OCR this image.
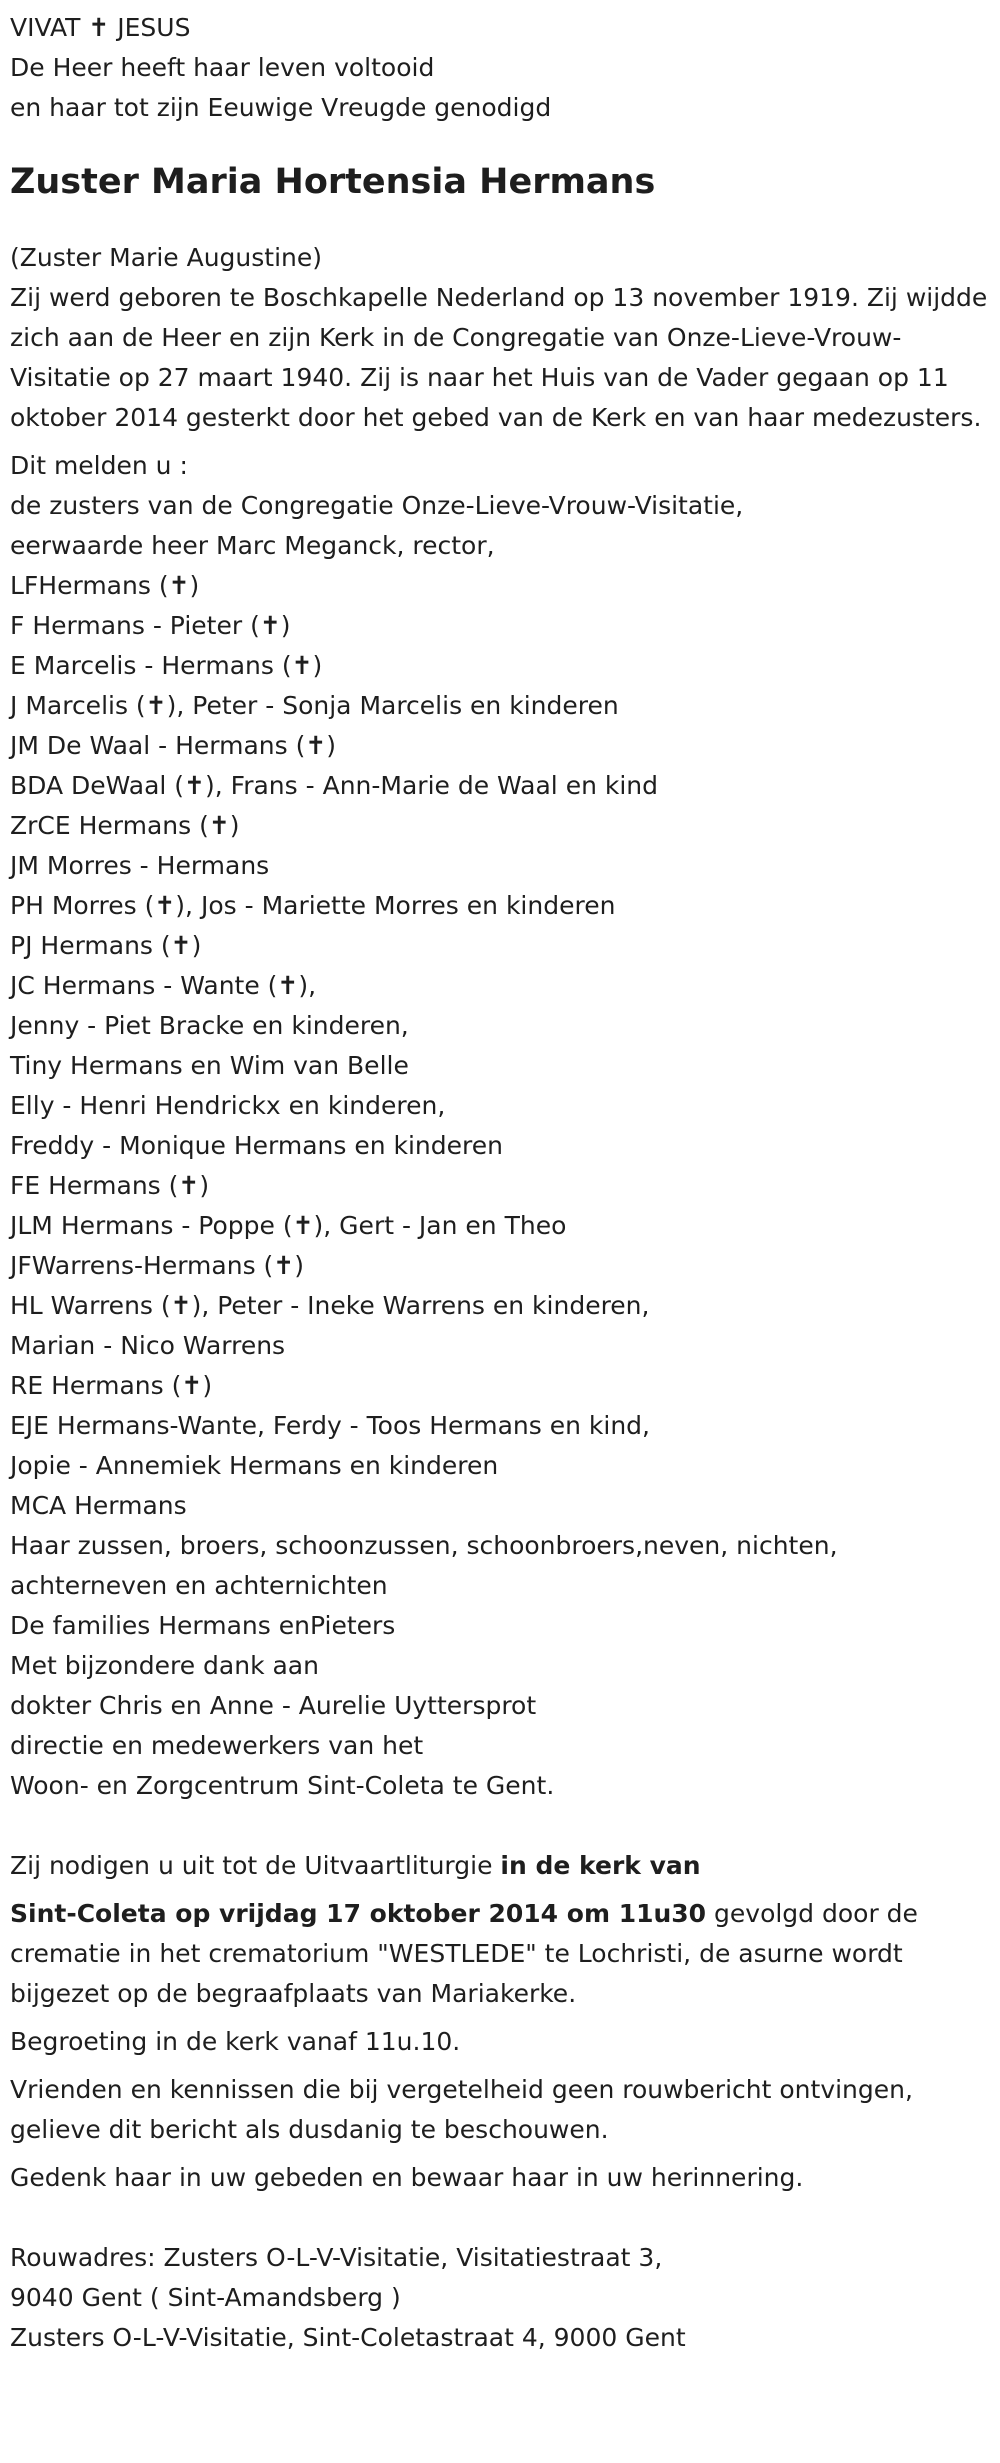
VIVAT ✝ JESUS

De Heer heeft haar leven voltooid

en haar tot zijn Eeuwige Vreugde genodigd

Zuster Maria Hortensia Hermans

(Zuster Marie Augustine)

Zij werd geboren te Boschkapelle Nederland op 13 november 1919. Zij wijdde zich aan de Heer en zijn Kerk in de Congregatie van Onze-Lieve-Vrouw-Visitatie op 27 maart 1940. Zij is naar het Huis van de Vader gegaan op 11 oktober 2014 gesterkt door het gebed van de Kerk en van haar medezusters.

Dit melden u :

de zusters van de Congregatie Onze-Lieve-Vrouw-Visitatie,

eerwaarde heer Marc Meganck, rector,

LFHermans (✝)

F Hermans - Pieter (✝)

E Marcelis - Hermans (✝)

J Marcelis (✝), Peter - Sonja Marcelis en kinderen

JM De Waal - Hermans (✝)

BDA DeWaal (✝), Frans - Ann-Marie de Waal en kind

ZrCE Hermans (✝)

JM Morres - Hermans

PH Morres (✝), Jos - Mariette Morres en kinderen

PJ Hermans (✝)

JC Hermans - Wante (✝),

Jenny - Piet Bracke en kinderen,

Tiny Hermans en Wim van Belle

Elly - Henri Hendrickx en kinderen,

Freddy - Monique Hermans en kinderen

FE Hermans (✝)

JLM Hermans - Poppe (✝), Gert - Jan en Theo

JFWarrens-Hermans (✝)

HL Warrens (✝), Peter - Ineke Warrens en kinderen,

Marian - Nico Warrens

RE Hermans (✝)

EJE Hermans-Wante, Ferdy - Toos Hermans en kind,

Jopie - Annemiek Hermans en kinderen

MCA Hermans

Haar zussen, broers, schoonzussen, schoonbroers,neven, nichten,

achterneven en achternichten

De families Hermans enPieters

Met bijzondere dank aan

dokter Chris en Anne - Aurelie Uyttersprot

directie en medewerkers van het

Woon- en Zorgcentrum Sint-Coleta te Gent.

Zij nodigen u uit tot de Uitvaartliturgie in de kerk van

Sint-Coleta op vrijdag 17 oktober 2014 om 11u30 gevolgd door de crematie in het crematorium "WESTLEDE" te Lochristi, de asurne wordt bijgezet op de begraafplaats van Mariakerke.

Begroeting in de kerk vanaf 11u.10.

Vrienden en kennissen die bij vergetelheid geen rouwbericht ontvingen, gelieve dit bericht als dusdanig te beschouwen.

Gedenk haar in uw gebeden en bewaar haar in uw herinnering.

Rouwadres: Zusters O-L-V-Visitatie, Visitatiestraat 3,

9040 Gent ( Sint-Amandsberg )

Zusters O-L-V-Visitatie, Sint-Coletastraat 4, 9000 Gent
